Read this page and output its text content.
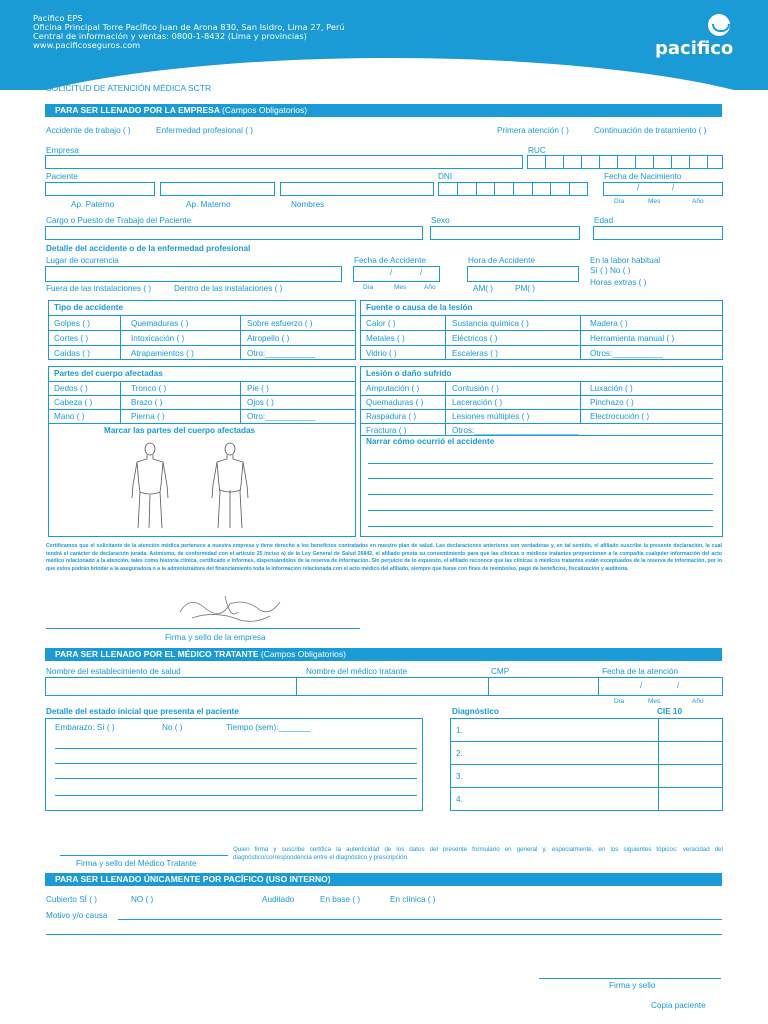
Pacifico EPS
Oficina Principal Torre Pacífico Juan de Arona 830, San Isidro, Lima 27, Perú
Central de información y ventas: 0800-1-8432 (Lima y provincias)
www.pacificoseguros.com	pacifico
SOLICITUD DE ATENCIÓN MÉDICA SCTR
PARA SER LLENADO POR LA EMPRESA (Campos Obligatorios)
Accidente de trabajo ( )	Enfermedad profesional ( )	Primera atención ( )	Continuación de tratamiento ( )
Empresa	RUC
Paciente
Ap. Paterno	Ap. Materno	Nombres
DNI	Fecha de Nacimiento
/	/
Día	Mes	Año
Cargo o Puesto de Trabajo del Paciente	Sexo	Edad
Detalle del accidente o de la enfermedad profesional
Lugar de ocurrencia	Fecha de Accidente
/	/
Hora de Accidente	En la labor habitual
Sí ( ) No ( )
Horas extras ( )
Fuera de las instalaciones ( )	Dentro de las instalaciones ( )	Día	Mes	Año	AM( )	PM( )
Tipo de accidente
Golpes ( )	Quemaduras ( )	Sobre esfuerzo ( )
Cortes ( )	Intoxicación ( )	Atropello ( )
Caídas ( )	Atrapamientos ( )	Otro:___________
Fuente o causa de la lesión
Calor ( )	Sustancia química ( )	Madera ( )
Metales ( )	Eléctricos ( )	Herramienta manual ( )
Vidrio ( )	Escaleras ( )	Otros:___________
Partes del cuerpo afectadas
Dedos ( )	Tronco ( )	Pie ( )
Cabeza ( )	Brazo ( )	Ojos ( )
Mano ( )	Pierna ( )	Otro:___________
Marcar las partes del cuerpo afectadas
Lesión o daño sufrido
Amputación ( )	Contusión ( )	Luxación ( )
Quemaduras ( )	Laceración ( )	Pinchazo ( )
Raspadura ( )	Lesiones múltiples ( )	Electrocución ( )
Fractura ( )	Otros:_______________________
Narrar cómo ocurrió el accidente
Certificamos que el solicitante de la atención médica pertenece a nuestra empresa y tiene derecho a los beneficios contratados en nuestro plan de salud. Las declaraciones anteriores son verdaderas y, en tal sentido, el afiliado suscribe la presente declaración, la cual tendrá el carácter de declaración jurada. Asimismo, de conformidad con el artículo 25 inciso a) de la Ley General de Salud 26842, el afiliado presta su consentimiento para que las clínicas o médicos tratantes proporcionen a la compañía cualquier información del acto médico relacionado a la atención, tales como historia clínica, certificado e informes, dispensándolos de la reserva de información. Sin perjuicio de lo expuesto, el afiliado reconoce que las clínicas o médicos tratantes están exceptuados de la reserva de información, por lo que estos podrán brindar a la aseguradora o a la administradora del financiamiento toda la información relacionada con el acto médico del afiliado, siempre que fuese con fines de reembolso, pago de beneficios, fiscalización y auditoría.
Firma y sello de la empresa
PARA SER LLENADO POR EL MÉDICO TRATANTE (Campos Obligatorios)
Nombre del establecimiento de salud	Nombre del médico tratante	CMP	Fecha de la atención
/	/
Día	Mes	Año
Detalle del estado inicial que presenta el paciente
Embarazo: Sí ( )	No ( )	Tiempo (sem):_______
Diagnóstico	CIE 10
1.
2.
3.
4.
Firma y sello del Médico Tratante
Quien firma y suscribe certifica la autenticidad de los datos del presente formulario en general y, especialmente, en los siguientes tópicos: veracidad del diagnóstico/correspondencia entre el diagnóstico y prescripción.
PARA SER LLENADO ÚNICAMENTE POR PACÍFICO (USO INTERNO)
Cubierto SÍ ( )	NO ( )	Auditado	En base ( )	En clínica ( )
Motivo y/o causa
Firma y sello
Copia paciente
